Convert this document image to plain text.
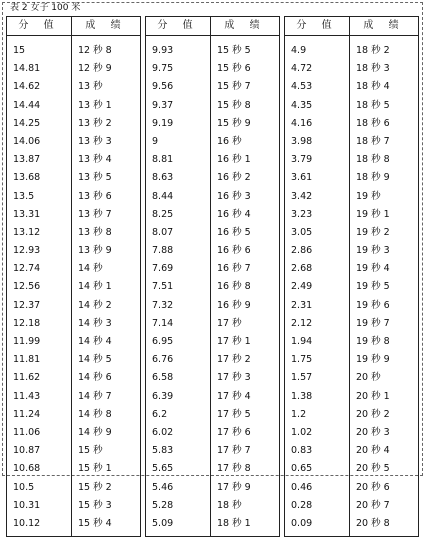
表 2 女子 100 米
分 值
15
14.81
14.62
14.44
14.25
14.06
13.87
13.68
13.5
13.31
13.12
12.93
12.74
12.56
12.37
12.18
11.99
11.81
11.62
11.43
11.24
11.06
10.87
10.68
10.5
10.31
10.12
成 绩
12 秒 8
12 秒 9
13 秒
13 秒 1
13 秒 2
13 秒 3
13 秒 4
13 秒 5
13 秒 6
13 秒 7
13 秒 8
13 秒 9
14 秒
14 秒 1
14 秒 2
14 秒 3
14 秒 4
14 秒 5
14 秒 6
14 秒 7
14 秒 8
14 秒 9
15 秒
15 秒 1
15 秒 2
15 秒 3
15 秒 4
分 值
9.93
9.75
9.56
9.37
9.19
9
8.81
8.63
8.44
8.25
8.07
7.88
7.69
7.51
7.32
7.14
6.95
6.76
6.58
6.39
6.2
6.02
5.83
5.65
5.46
5.28
5.09
成 绩
15 秒 5
15 秒 6
15 秒 7
15 秒 8
15 秒 9
16 秒
16 秒 1
16 秒 2
16 秒 3
16 秒 4
16 秒 5
16 秒 6
16 秒 7
16 秒 8
16 秒 9
17 秒
17 秒 1
17 秒 2
17 秒 3
17 秒 4
17 秒 5
17 秒 6
17 秒 7
17 秒 8
17 秒 9
18 秒
18 秒 1
分 值
4.9
4.72
4.53
4.35
4.16
3.98
3.79
3.61
3.42
3.23
3.05
2.86
2.68
2.49
2.31
2.12
1.94
1.75
1.57
1.38
1.2
1.02
0.83
0.65
0.46
0.28
0.09
成 绩
18 秒 2
18 秒 3
18 秒 4
18 秒 5
18 秒 6
18 秒 7
18 秒 8
18 秒 9
19 秒
19 秒 1
19 秒 2
19 秒 3
19 秒 4
19 秒 5
19 秒 6
19 秒 7
19 秒 8
19 秒 9
20 秒
20 秒 1
20 秒 2
20 秒 3
20 秒 4
20 秒 5
20 秒 6
20 秒 7
20 秒 8
